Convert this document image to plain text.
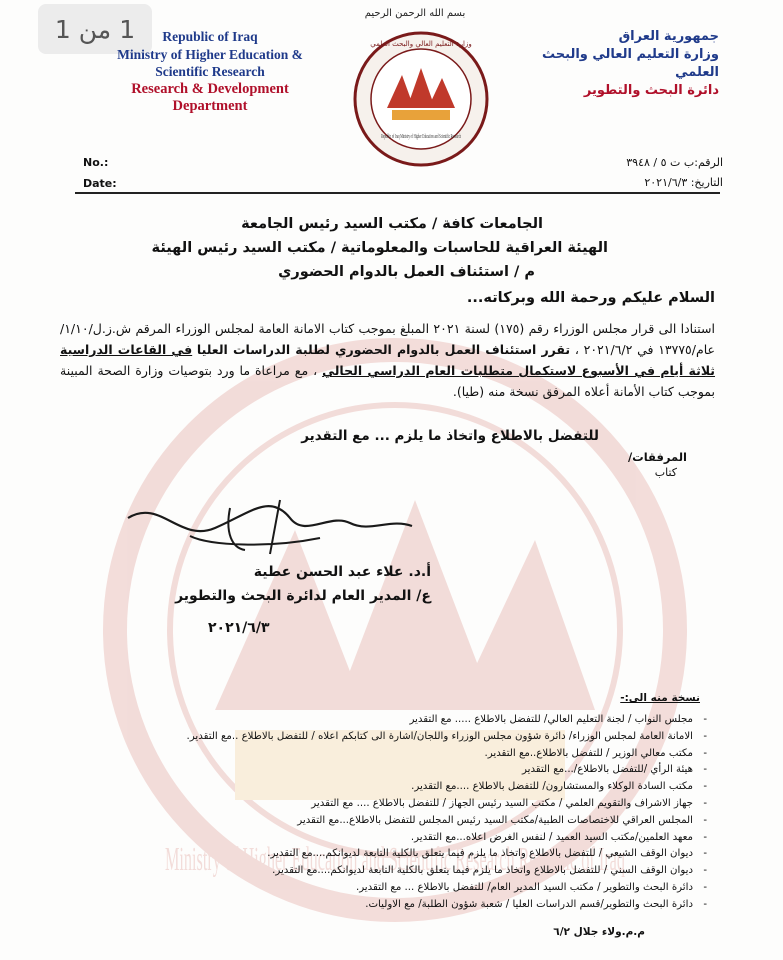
Ministry of Higher Education and Scientific Research Republic of Iraq
1 من 1	Republic of Iraq
Ministry of Higher Education &
Scientific Research
Research & Development
Department
بسم الله الرحمن الرحيم
Republic of Iraq Ministry of Higher Education and Scientific Research
وزارة التعليم العالي والبحث العلمي	جمهورية العراق
وزارة التعليم العالي والبحث العلمي
دائرة البحث والتطوير
No.:
Date:
الرقم:ب ت ٥ / ٣٩٤٨
التاريخ: ٢٠٢١/٦/٣
الجامعات كافة / مكتب السيد رئيس الجامعة
الهيئة العراقية للحاسبات والمعلوماتية / مكتب السيد رئيس الهيئة
م / استئناف العمل بالدوام الحضوري
السلام عليكم ورحمة الله وبركاته...
استنادا الى قرار مجلس الوزراء رقم (١٧٥) لسنة ٢٠٢١ المبلغ بموجب كتاب الامانة العامة لمجلس الوزراء المرقم ش.ز.ل/١/١٠/عام/١٣٧٧٥ في ٢٠٢١/٦/٢ ، تقرر استئناف العمل بالدوام الحضوري لطلبة الدراسات العليا في القاعات الدراسية ثلاثة أيام في الأسبوع لاستكمال متطلبات العام الدراسي الحالي ، مع مراعاة ما ورد بتوصيات وزارة الصحة المبينة بموجب كتاب الأمانة أعلاه المرفق نسخة منه (طيا).
للتفضل بالاطلاع واتخاذ ما يلزم ... مع التقدير
المرفقات/
كتاب
أ.د. علاء عبد الحسن عطية
ع/ المدير العام لدائرة البحث والتطوير
٢٠٢١/٦/٣
نسخة منه الى:-
- مجلس النواب / لجنة التعليم العالي/ للتفضل بالاطلاع ..... مع التقدير
- الامانة العامة لمجلس الوزراء/ دائرة شؤون مجلس الوزراء واللجان/اشارة الى كتابكم اعلاه / للتفضل بالاطلاع ..مع التقدير.
- مكتب معالي الوزير / للتفضل بالاطلاع..مع التقدير.
- هيئة الرأي /للتفضل بالاطلاع/...مع التقدير
- مكتب السادة الوكلاء والمستشارون/ للتفضل بالاطلاع ....مع التقدير.
- جهاز الاشراف والتقويم العلمي / مكتب السيد رئيس الجهاز / للتفضل بالاطلاع .... مع التقدير
- المجلس العراقي للاختصاصات الطبية/مكتب السيد رئيس المجلس للتفضل بالاطلاع...مع التقدير
- معهد العلمين/مكتب السيد العميد / لنفس الغرض اعلاه...مع التقدير.
- ديوان الوقف الشيعي / للتفضل بالاطلاع واتخاذ ما يلزم فيما يتعلق بالكلية التابعة لديوانكم....مع التقدير.
- ديوان الوقف السني / للتفضل بالاطلاع واتخاذ ما يلزم فيما يتعلق بالكلية التابعة لديوانكم....مع التقدير.
- دائرة البحث والتطوير / مكتب السيد المدير العام/ للتفضل بالاطلاع ... مع التقدير.
- دائرة البحث والتطوير/قسم الدراسات العليا / شعبة شؤون الطلبة/ مع الاوليات.
م.م.ولاء جلال ٦/٢
